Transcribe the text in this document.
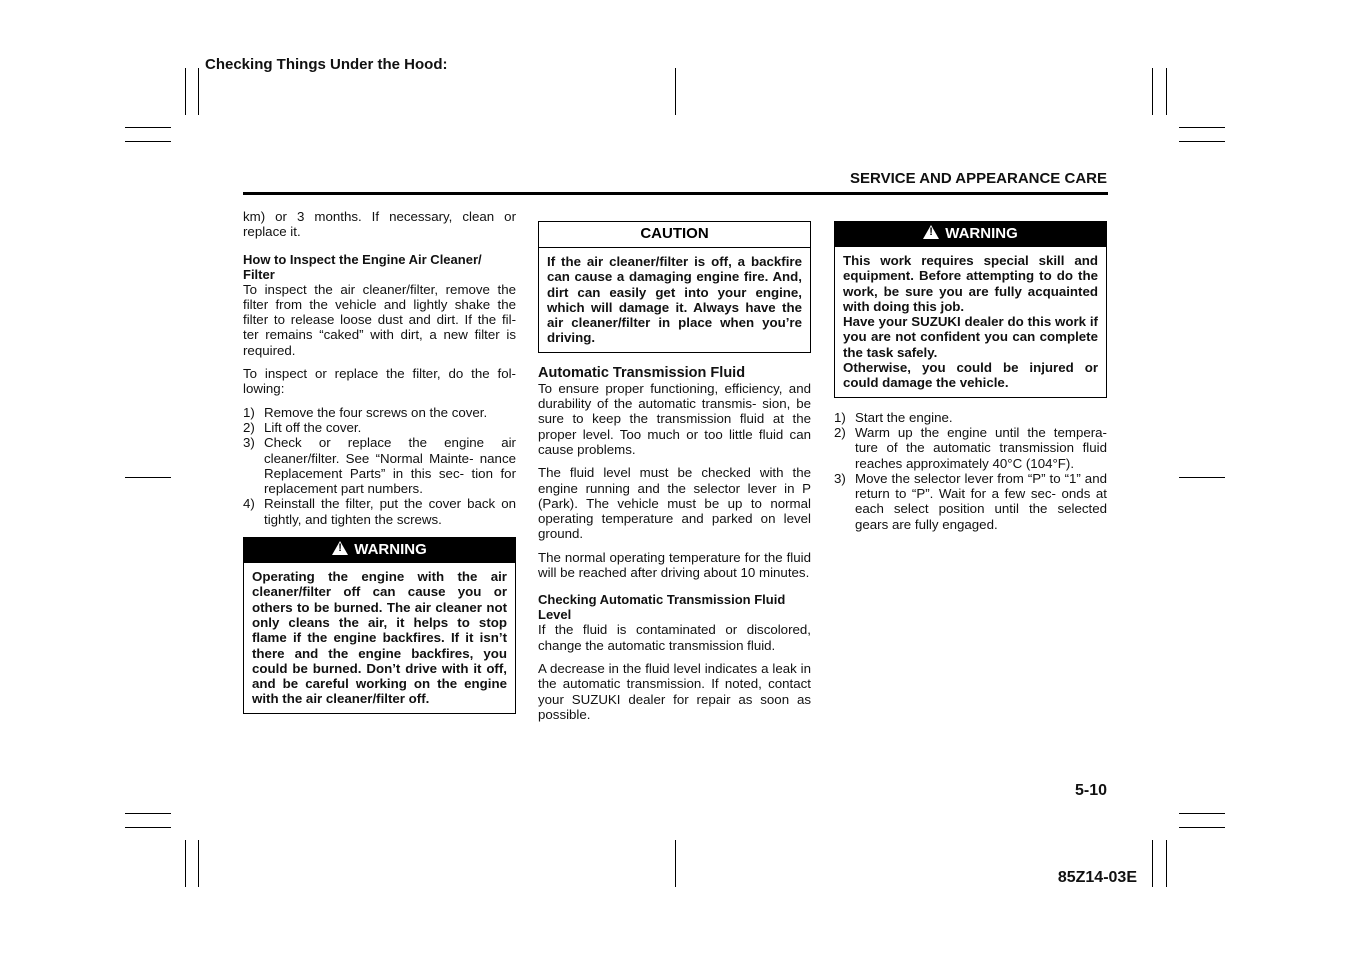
Checking Things Under the Hood:
SERVICE AND APPEARANCE CARE

km) or 3 months. If necessary, clean or replace it.

How to Inspect the Engine Air Cleaner/ Filter

To inspect the air cleaner/filter, remove the filter from the vehicle and lightly shake the filter to release loose dust and dirt. If the fil- ter remains “caked” with dirt, a new filter is required.

To inspect or replace the filter, do the fol- lowing:

1) Remove the four screws on the cover.
2) Lift off the cover.
3) Check or replace the engine air cleaner/filter. See “Normal Mainte- nance Replacement Parts” in this sec- tion for replacement part numbers.
4) Reinstall the filter, put the cover back on tightly, and tighten the screws.
!WARNING

Operating the engine with the air cleaner/filter off can cause you or others to be burned. The air cleaner not only cleans the air, it helps to stop flame if the engine backfires. If it isn’t there and the engine backfires, you could be burned. Don’t drive with it off, and be careful working on the engine with the air cleaner/filter off.

CAUTION

If the air cleaner/filter is off, a backfire can cause a damaging engine fire. And, dirt can easily get into your engine, which will damage it. Always have the air cleaner/filter in place when you’re driving.

Automatic Transmission Fluid

To ensure proper functioning, efficiency, and durability of the automatic transmis- sion, be sure to keep the transmission fluid at the proper level. Too much or too little fluid can cause problems.

The fluid level must be checked with the engine running and the selector lever in P (Park). The vehicle must be up to normal operating temperature and parked on level ground.

The normal operating temperature for the fluid will be reached after driving about 10 minutes.

Checking Automatic Transmission Fluid Level

If the fluid is contaminated or discolored, change the automatic transmission fluid.

A decrease in the fluid level indicates a leak in the automatic transmission. If noted, contact your SUZUKI dealer for repair as soon as possible.

!WARNING

This work requires special skill and equipment. Before attempting to do the work, be sure you are fully acquainted with doing this job.

Have your SUZUKI dealer do this work if you are not confident you can complete the task safely.

Otherwise, you could be injured or could damage the vehicle.

1) Start the engine.
2) Warm up the engine until the tempera- ture of the automatic transmission fluid reaches approximately 40°C (104°F).
3) Move the selector lever from “P” to “1” and return to “P”. Wait for a few sec- onds at each select position until the selected gears are fully engaged.
5-10
85Z14-03E
